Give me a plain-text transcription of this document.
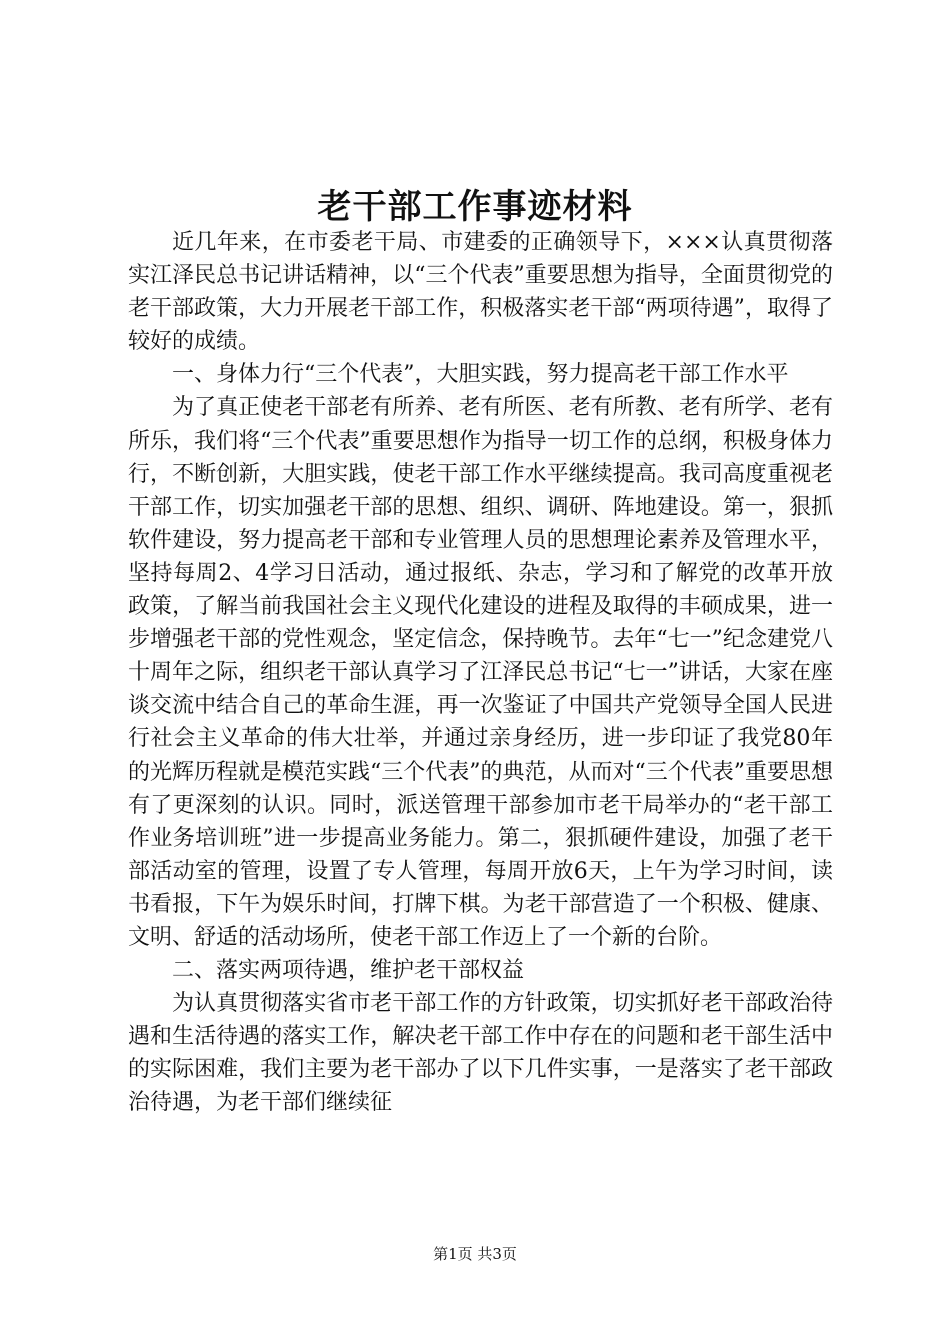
老干部工作事迹材料

近几年来，在市委老干局、市建委的正确领导下，×××认真贯彻落实江泽民总书记讲话精神，以“三个代表”重要思想为指导，全面贯彻党的老干部政策，大力开展老干部工作，积极落实老干部“两项待遇”，取得了较好的成绩。

一、身体力行“三个代表”，大胆实践，努力提高老干部工作水平

为了真正使老干部老有所养、老有所医、老有所教、老有所学、老有所乐，我们将“三个代表”重要思想作为指导一切工作的总纲，积极身体力行，不断创新，大胆实践，使老干部工作水平继续提高。我司高度重视老干部工作，切实加强老干部的思想、组织、调研、阵地建设。第一，狠抓软件建设，努力提高老干部和专业管理人员的思想理论素养及管理水平，坚持每周2、4学习日活动，通过报纸、杂志，学习和了解党的改革开放政策，了解当前我国社会主义现代化建设的进程及取得的丰硕成果，进一步增强老干部的党性观念，坚定信念，保持晚节。去年“七一”纪念建党八十周年之际，组织老干部认真学习了江泽民总书记“七一”讲话，大家在座谈交流中结合自己的革命生涯，再一次鉴证了中国共产党领导全国人民进行社会主义革命的伟大壮举，并通过亲身经历，进一步印证了我党80年的光辉历程就是模范实践“三个代表”的典范，从而对“三个代表”重要思想有了更深刻的认识。同时，派送管理干部参加市老干局举办的“老干部工作业务培训班”进一步提高业务能力。第二，狠抓硬件建设，加强了老干部活动室的管理，设置了专人管理，每周开放6天，上午为学习时间，读书看报，下午为娱乐时间，打牌下棋。为老干部营造了一个积极、健康、文明、舒适的活动场所，使老干部工作迈上了一个新的台阶。

二、落实两项待遇，维护老干部权益

为认真贯彻落实省市老干部工作的方针政策，切实抓好老干部政治待遇和生活待遇的落实工作，解决老干部工作中存在的问题和老干部生活中的实际困难，我们主要为老干部办了以下几件实事，一是落实了老干部政治待遇，为老干部们继续征

第1页 共3页
